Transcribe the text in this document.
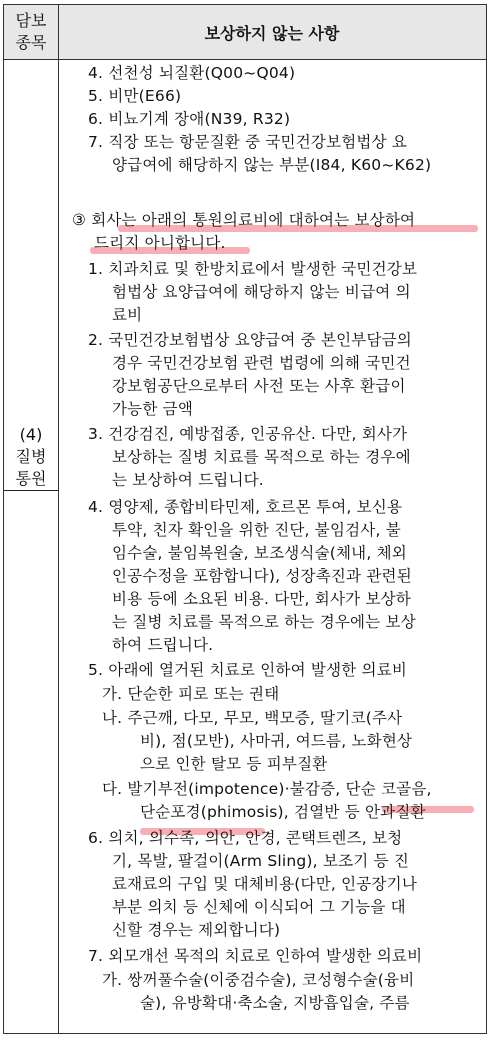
담보
종목	보상하지 않는 사항
(4)
질병
통원
4. 선천성 뇌질환(Q00~Q04)
5. 비만(E66)
6. 비뇨기계 장애(N39, R32)
7. 직장 또는 항문질환 중 국민건강보험법상 요
양급여에 해당하지 않는 부분(I84, K60~K62)
③ 회사는 아래의 통원의료비에 대하여는 보상하여
드리지 아니합니다.
1. 치과치료 및 한방치료에서 발생한 국민건강보
험법상 요양급여에 해당하지 않는 비급여 의
료비
2. 국민건강보험법상 요양급여 중 본인부담금의
경우 국민건강보험 관련 법령에 의해 국민건
강보험공단으로부터 사전 또는 사후 환급이
가능한 금액
3. 건강검진, 예방접종, 인공유산. 다만, 회사가
보상하는 질병 치료를 목적으로 하는 경우에
는 보상하여 드립니다.
4. 영양제, 종합비타민제, 호르몬 투여, 보신용
투약, 친자 확인을 위한 진단, 불임검사, 불
임수술, 불임복원술, 보조생식술(체내, 체외
인공수정을 포함합니다), 성장촉진과 관련된
비용 등에 소요된 비용. 다만, 회사가 보상하
는 질병 치료를 목적으로 하는 경우에는 보상
하여 드립니다.
5. 아래에 열거된 치료로 인하여 발생한 의료비
가. 단순한 피로 또는 권태
나. 주근깨, 다모, 무모, 백모증, 딸기코(주사
비), 점(모반), 사마귀, 여드름, 노화현상
으로 인한 탈모 등 피부질환
다. 발기부전(impotence)·불감증, 단순 코골음,
단순포경(phimosis), 검열반 등 안과질환
6. 의치, 의수족, 의안, 안경, 콘택트렌즈, 보청
기, 목발, 팔걸이(Arm Sling), 보조기 등 진
료재료의 구입 및 대체비용(다만, 인공장기나
부분 의치 등 신체에 이식되어 그 기능을 대
신할 경우는 제외합니다)
7. 외모개선 목적의 치료로 인하여 발생한 의료비
가. 쌍꺼풀수술(이중검수술), 코성형수술(융비
술), 유방확대·축소술, 지방흡입술, 주름
